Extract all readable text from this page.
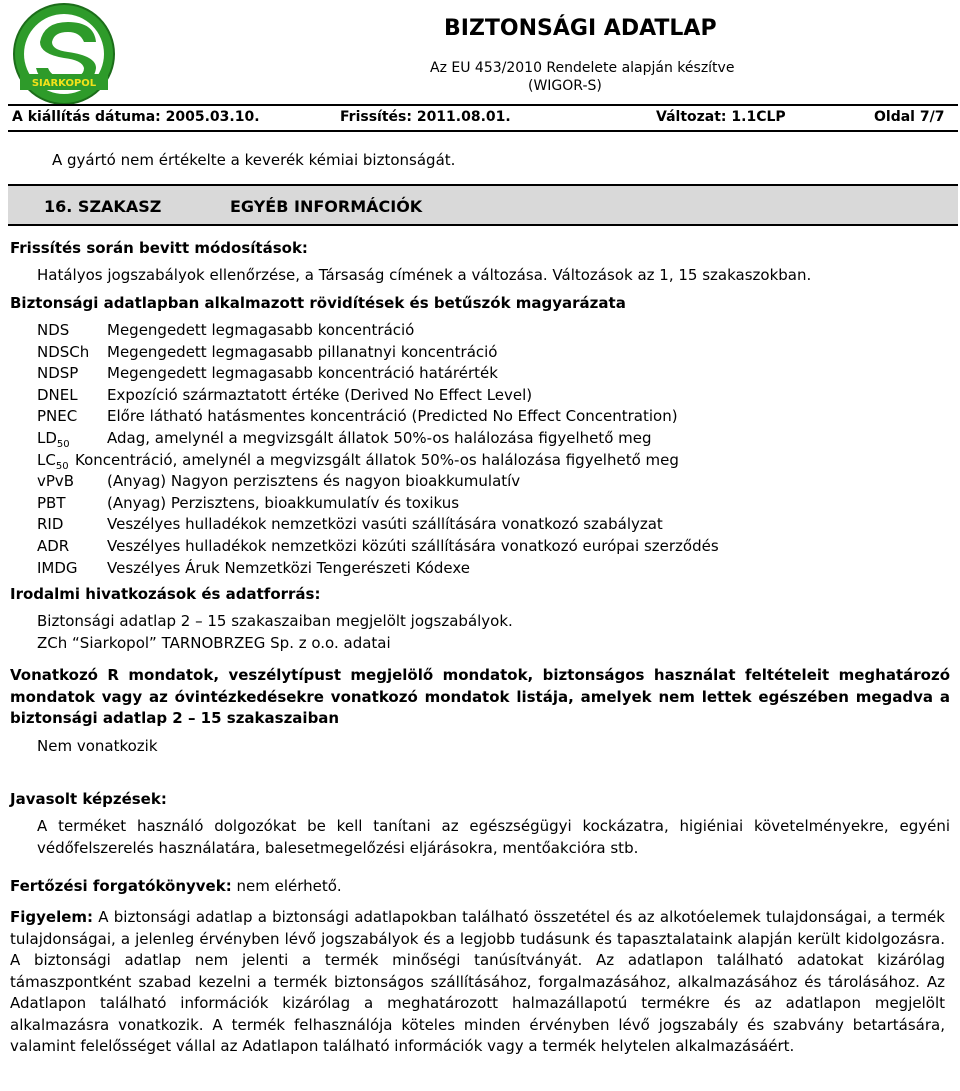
SIARKOPOL
BIZTONSÁGI ADATLAP
Az EU 453/2010 Rendelete alapján készítve
(WIGOR-S)
A kiállítás dátuma: 2005.03.10.	Frissítés: 2011.08.01.	Változat: 1.1CLP	Oldal 7/7
A gyártó nem értékelte a keverék kémiai biztonságát.
16. SZAKASZ	EGYÉB INFORMÁCIÓK
Frissítés során bevitt módosítások:
Hatályos jogszabályok ellenőrzése, a Társaság címének a változása. Változások az 1, 15 szakaszokban.
Biztonsági adatlapban alkalmazott rövidítések és betűszók magyarázata
NDS	Megengedett legmagasabb koncentráció
NDSCh Megengedett legmagasabb pillanatnyi koncentráció
NDSP Megengedett legmagasabb koncentráció határérték
DNEL Expozíció származtatott értéke (Derived No Effect Level)
PNEC Előre látható hatásmentes koncentráció (Predicted No Effect Concentration)
$LD_{50}$ Adag, amelynél a megvizsgált állatok 50%-os halálozása figyelhető meg
$LC_{50}$ Koncentráció, amelynél a megvizsgált állatok 50%-os halálozása figyelhető meg
vPvB (Anyag) Nagyon perzisztens és nagyon bioakkumulatív
PBT	(Anyag) Perzisztens, bioakkumulatív és toxikus
RID	Veszélyes hulladékok nemzetközi vasúti szállítására vonatkozó szabályzat
ADR	Veszélyes hulladékok nemzetközi közúti szállítására vonatkozó európai szerződés
IMDG Veszélyes Áruk Nemzetközi Tengerészeti Kódexe
Irodalmi hivatkozások és adatforrás:
Biztonsági adatlap 2 – 15 szakaszaiban megjelölt jogszabályok.
ZCh “Siarkopol” TARNOBRZEG Sp. z o.o. adatai
Vonatkozó R mondatok, veszélytípust megjelölő mondatok, biztonságos használat feltételeit meghatározó mondatok vagy az óvintézkedésekre vonatkozó mondatok listája, amelyek nem lettek egészében megadva a biztonsági adatlap 2 – 15 szakaszaiban
Nem vonatkozik
Javasolt képzések:
A terméket használó dolgozókat be kell tanítani az egészségügyi kockázatra, higiéniai követelményekre, egyéni védőfelszerelés használatára, balesetmegelőzési eljárásokra, mentőakcióra stb.
Fertőzési forgatókönyvek: nem elérhető.
Figyelem: A biztonsági adatlap a biztonsági adatlapokban található összetétel és az alkotóelemek tulajdonságai, a termék tulajdonságai, a jelenleg érvényben lévő jogszabályok és a legjobb tudásunk és tapasztalataink alapján került kidolgozásra. A biztonsági adatlap nem jelenti a termék minőségi tanúsítványát. Az adatlapon található adatokat kizárólag támaszpontként szabad kezelni a termék biztonságos szállításához, forgalmazásához, alkalmazásához és tárolásához. Az Adatlapon található információk kizárólag a meghatározott halmazállapotú termékre és az adatlapon megjelölt alkalmazásra vonatkozik. A termék felhasználója köteles minden érvényben lévő jogszabály és szabvány betartására, valamint felelősséget vállal az Adatlapon található információk vagy a termék helytelen alkalmazásáért.
